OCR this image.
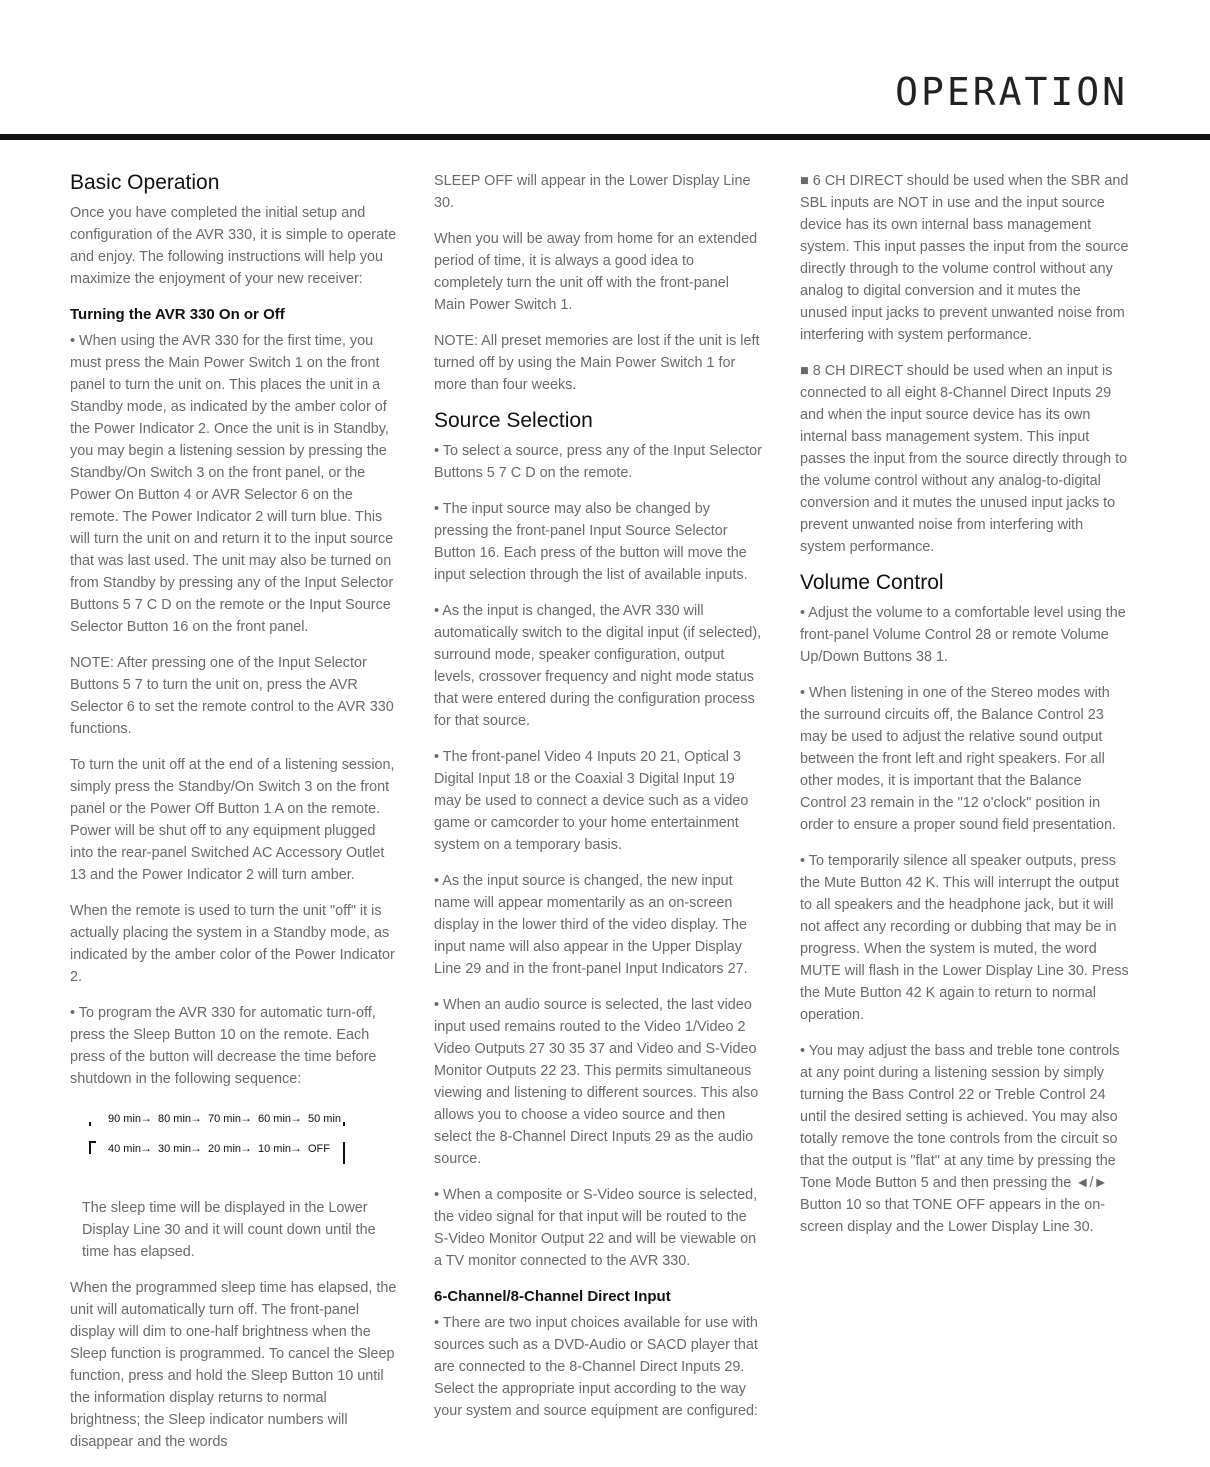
OPERATION
Basic Operation

Once you have completed the initial setup and configuration of the AVR 330, it is simple to operate and enjoy. The following instructions will help you maximize the enjoyment of your new receiver:

Turning the AVR 330 On or Off

• When using the AVR 330 for the first time, you must press the Main Power Switch 1 on the front panel to turn the unit on. This places the unit in a Standby mode, as indicated by the amber color of the Power Indicator 2. Once the unit is in Standby, you may begin a listening session by pressing the Standby/On Switch 3 on the front panel, or the Power On Button 4 or AVR Selector 6 on the remote. The Power Indicator 2 will turn blue. This will turn the unit on and return it to the input source that was last used. The unit may also be turned on from Standby by pressing any of the Input Selector Buttons 5 7 C D on the remote or the Input Source Selector Button 16 on the front panel.

NOTE: After pressing one of the Input Selector Buttons 5 7 to turn the unit on, press the AVR Selector 6 to set the remote control to the AVR 330 functions.

To turn the unit off at the end of a listening session, simply press the Standby/On Switch 3 on the front panel or the Power Off Button 1 A on the remote. Power will be shut off to any equipment plugged into the rear-panel Switched AC Accessory Outlet 13 and the Power Indicator 2 will turn amber.

When the remote is used to turn the unit "off" it is actually placing the system in a Standby mode, as indicated by the amber color of the Power Indicator 2.

• To program the AVR 330 for automatic turn-off, press the Sleep Button 10 on the remote. Each press of the button will decrease the time before shutdown in the following sequence:

90 min
→ 80 min
→ 70 min
→ 60 min
→ 50 min
40 min
→ 30 min
→ 20 min
→ 10 min
→ OFF

The sleep time will be displayed in the Lower Display Line 30 and it will count down until the time has elapsed.

When the programmed sleep time has elapsed, the unit will automatically turn off. The front-panel display will dim to one-half brightness when the Sleep function is programmed. To cancel the Sleep function, press and hold the Sleep Button 10 until the information display returns to normal brightness; the Sleep indicator numbers will disappear and the words

SLEEP OFF will appear in the Lower Display Line 30.

When you will be away from home for an extended period of time, it is always a good idea to completely turn the unit off with the front-panel Main Power Switch 1.

NOTE: All preset memories are lost if the unit is left turned off by using the Main Power Switch 1 for more than four weeks.

Source Selection

• To select a source, press any of the Input Selector Buttons 5 7 C D on the remote.

• The input source may also be changed by pressing the front-panel Input Source Selector Button 16. Each press of the button will move the input selection through the list of available inputs.

• As the input is changed, the AVR 330 will automatically switch to the digital input (if selected), surround mode, speaker configuration, output levels, crossover frequency and night mode status that were entered during the configuration process for that source.

• The front-panel Video 4 Inputs 20 21, Optical 3 Digital Input 18 or the Coaxial 3 Digital Input 19 may be used to connect a device such as a video game or camcorder to your home entertainment system on a temporary basis.

• As the input source is changed, the new input name will appear momentarily as an on-screen display in the lower third of the video display. The input name will also appear in the Upper Display Line 29 and in the front-panel Input Indicators 27.

• When an audio source is selected, the last video input used remains routed to the Video 1/Video 2 Video Outputs 27 30 35 37 and Video and S-Video Monitor Outputs 22 23. This permits simultaneous viewing and listening to different sources. This also allows you to choose a video source and then select the 8-Channel Direct Inputs 29 as the audio source.

• When a composite or S-Video source is selected, the video signal for that input will be routed to the S-Video Monitor Output 22 and will be viewable on a TV monitor connected to the AVR 330.

6-Channel/8-Channel Direct Input

• There are two input choices available for use with sources such as a DVD-Audio or SACD player that are connected to the 8-Channel Direct Inputs 29. Select the appropriate input according to the way your system and source equipment are configured:

■ 6 CH DIRECT should be used when the SBR and SBL inputs are NOT in use and the input source device has its own internal bass management system. This input passes the input from the source directly through to the volume control without any analog to digital conversion and it mutes the unused input jacks to prevent unwanted noise from interfering with system performance.

■ 8 CH DIRECT should be used when an input is connected to all eight 8-Channel Direct Inputs 29 and when the input source device has its own internal bass management system. This input passes the input from the source directly through to the volume control without any analog-to-digital conversion and it mutes the unused input jacks to prevent unwanted noise from interfering with system performance.

Volume Control

• Adjust the volume to a comfortable level using the front-panel Volume Control 28 or remote Volume Up/Down Buttons 38 1.

• When listening in one of the Stereo modes with the surround circuits off, the Balance Control 23 may be used to adjust the relative sound output between the front left and right speakers. For all other modes, it is important that the Balance Control 23 remain in the "12 o'clock" position in order to ensure a proper sound field presentation.

• To temporarily silence all speaker outputs, press the Mute Button 42 K. This will interrupt the output to all speakers and the headphone jack, but it will not affect any recording or dubbing that may be in progress. When the system is muted, the word MUTE will flash in the Lower Display Line 30. Press the Mute Button 42 K again to return to normal operation.

• You may adjust the bass and treble tone controls at any point during a listening session by simply turning the Bass Control 22 or Treble Control 24 until the desired setting is achieved. You may also totally remove the tone controls from the circuit so that the output is "flat" at any time by pressing the Tone Mode Button 5 and then pressing the ◄/► Button 10 so that TONE OFF appears in the on-screen display and the Lower Display Line 30.
